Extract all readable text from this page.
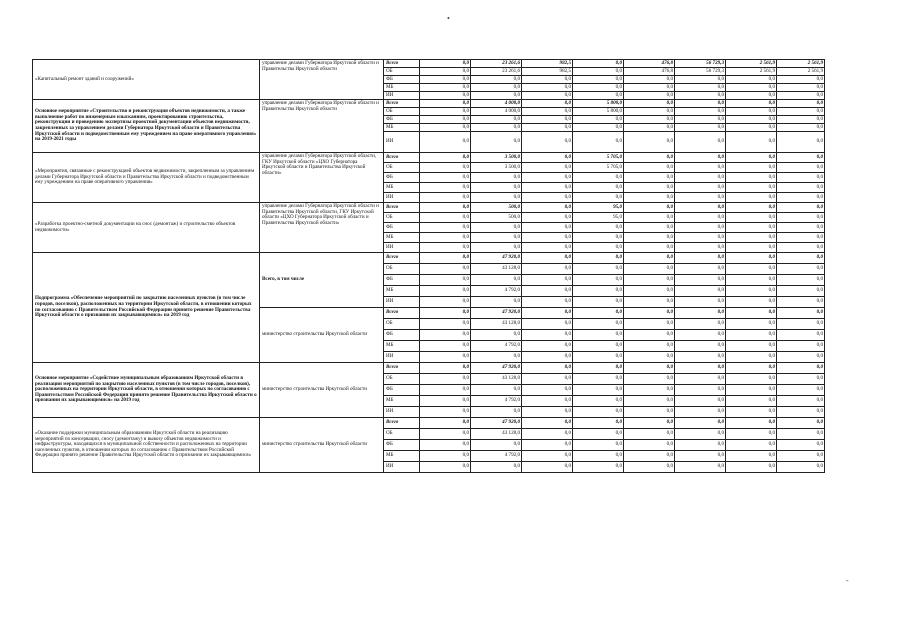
•
«Капитальный ремонт зданий и сооружений»	управление делами Губернатора Иркутской области и Правительства Иркутской области	Всего	0,0	23 261,6	982,5	0,0	476,8	56 729,3	2 561,9	2 561,9
		ОБ	0,0	23 261,6	982,5	0,0	476,8	56 729,3	2 561,9	2 561,9
		ФБ	0,0	0,0	0,0	0,0	0,0	0,0	0,0	0,0
		МБ	0,0	0,0	0,0	0,0	0,0	0,0	0,0	0,0
		ИИ	0,0	0,0	0,0	0,0	0,0	0,0	0,0	0,0
Основное мероприятие «Строительство и реконструкция объектов недвижимости, а также выполнение работ по инженерным изысканиям, проектированию строительства, реконструкции и проведению экспертизы проектной документации объектов недвижимости, закрепленных за управлением делами Губернатора Иркутской области и Правительства Иркутской области и подведомственным ему учреждением на праве оперативного управления» на 2019-2021 годы	управление делами Губернатора Иркутской области и Правительства Иркутской области	Всего	0,0	4 000,0	0,0	5 800,0	0,0	0,0	0,0	0,0
		ОБ	0,0	4 000,0	0,0	5 800,0	0,0	0,0	0,0	0,0
		ФБ	0,0	0,0	0,0	0,0	0,0	0,0	0,0	0,0
		МБ	0,0	0,0	0,0	0,0	0,0	0,0	0,0	0,0
		ИИ	0,0	0,0	0,0	0,0	0,0	0,0	0,0	0,0
«Мероприятия, связанные с реконструкцией объектов недвижимости, закрепленным за управлением делами Губернатора Иркутской области и Правительства Иркутской области и подведомственным ему учреждением на праве оперативного управления»	управление делами Губернатора Иркутской области, ГКУ Иркутской области «ЦХО Губернатора Иркутской области и Правительства Иркутской области»	Всего	0,0	3 500,0	0,0	5 705,0	0,0	0,0	0,0	0,0
		ОБ	0,0	3 500,0	0,0	5 705,0	0,0	0,0	0,0	0,0
		ФБ	0,0	0,0	0,0	0,0	0,0	0,0	0,0	0,0
		МБ	0,0	0,0	0,0	0,0	0,0	0,0	0,0	0,0
		ИИ	0,0	0,0	0,0	0,0	0,0	0,0	0,0	0,0
«Разработка проектно-сметной документации на снос (демонтаж) и строительство объектов недвижимости»	управление делами Губернатора Иркутской области и Правительства Иркутской области, ГКУ Иркутской области «ЦХО Губернатора Иркутской области и Правительства Иркутской области»	Всего	0,0	500,0	0,0	95,0	0,0	0,0	0,0	0,0
		ОБ	0,0	500,0	0,0	95,0	0,0	0,0	0,0	0,0
		ФБ	0,0	0,0	0,0	0,0	0,0	0,0	0,0	0,0
		МБ	0,0	0,0	0,0	0,0	0,0	0,0	0,0	0,0
		ИИ	0,0	0,0	0,0	0,0	0,0	0,0	0,0	0,0
Подпрограмма «Обеспечение мероприятий по закрытию населенных пунктов (в том числе городов, поселков), расположенных на территории Иркутской области, в отношении которых по согласованию с Правительством Российской Федерации принято решение Правительства Иркутской области о признании их закрывающимися» на 2019 год	Всего, в том числе	Всего	0,0	47 920,0	0,0	0,0	0,0	0,0	0,0	0,0
		ОБ	0,0	43 128,0	0,0	0,0	0,0	0,0	0,0	0,0
		ФБ	0,0	0,0	0,0	0,0	0,0	0,0	0,0	0,0
		МБ	0,0	4 792,0	0,0	0,0	0,0	0,0	0,0	0,0
		ИИ	0,0	0,0	0,0	0,0	0,0	0,0	0,0	0,0
	министерство строительства Иркутской области	Всего	0,0	47 920,0	0,0	0,0	0,0	0,0	0,0	0,0
		ОБ	0,0	43 128,0	0,0	0,0	0,0	0,0	0,0	0,0
		ФБ	0,0	0,0	0,0	0,0	0,0	0,0	0,0	0,0
		МБ	0,0	4 792,0	0,0	0,0	0,0	0,0	0,0	0,0
		ИИ	0,0	0,0	0,0	0,0	0,0	0,0	0,0	0,0
Основное мероприятие «Содействие муниципальным образованиям Иркутской области в реализации мероприятий по закрытию населенных пунктов (в том числе городов, поселков), расположенных на территории Иркутской области, в отношении которых по согласованию с Правительством Российской Федерации принято решение Правительства Иркутской области о признании их закрывающимися» на 2019 год	министерство строительства Иркутской области	Всего	0,0	47 920,0	0,0	0,0	0,0	0,0	0,0	0,0
		ОБ	0,0	43 128,0	0,0	0,0	0,0	0,0	0,0	0,0
		ФБ	0,0	0,0	0,0	0,0	0,0	0,0	0,0	0,0
		МБ	0,0	4 792,0	0,0	0,0	0,0	0,0	0,0	0,0
		ИИ	0,0	0,0	0,0	0,0	0,0	0,0	0,0	0,0
«Оказание поддержки муниципальным образованиям Иркутской области на реализацию мероприятий по консервации, сносу (демонтажу) и вывозу объектов недвижимости и инфраструктуры, находящихся в муниципальной собственности и расположенных на территории населенных пунктов, в отношении которых по согласованию с Правительством Российской Федерации принято решение Правительства Иркутской области о признании их закрывающимися»	министерство строительства Иркутской области	Всего	0,0	47 920,0	0,0	0,0	0,0	0,0	0,0	0,0
		ОБ	0,0	43 128,0	0,0	0,0	0,0	0,0	0,0	0,0
		ФБ	0,0	0,0	0,0	0,0	0,0	0,0	0,0	0,0
		МБ	0,0	4 792,0	0,0	0,0	0,0	0,0	0,0	0,0
		ИИ	0,0	0,0	0,0	0,0	0,0	0,0	0,0	0,0
-
